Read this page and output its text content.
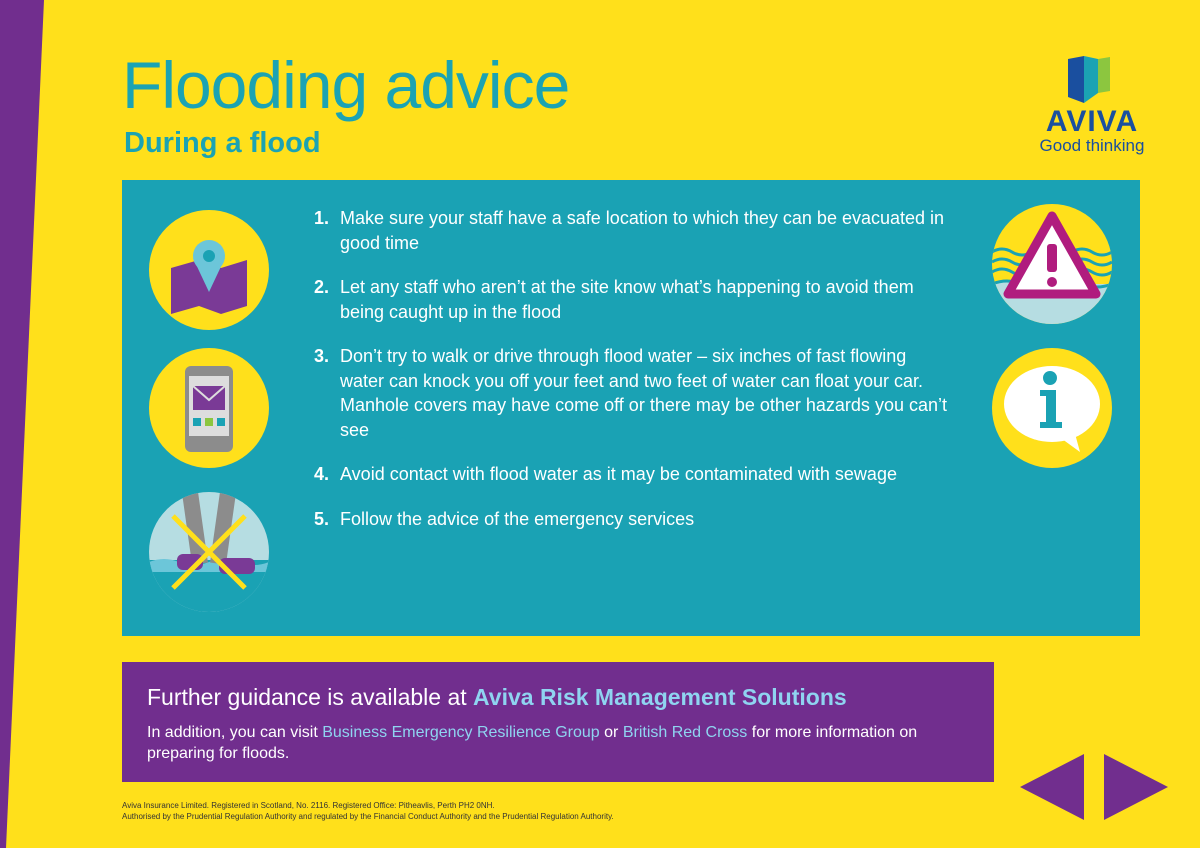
Flooding advice
During a flood
AVIVA
Good thinking
1. Make sure your staff have a safe location to which they can be evacuated in good time
2. Let any staff who aren’t at the site know what’s happening to avoid them being caught up in the flood
3. Don’t try to walk or drive through flood water – six inches of fast flowing water can knock you off your feet and two feet of water can float your car. Manhole covers may have come off or there may be other hazards you can’t see
4. Avoid contact with flood water as it may be contaminated with sewage
5. Follow the advice of the emergency services
Further guidance is available at Aviva Risk Management Solutions
In addition, you can visit Business Emergency Resilience Group or British Red Cross for more information on preparing for floods.
Aviva Insurance Limited. Registered in Scotland, No. 2116. Registered Office: Pitheavlis, Perth PH2 0NH.
Authorised by the Prudential Regulation Authority and regulated by the Financial Conduct Authority and the Prudential Regulation Authority.
